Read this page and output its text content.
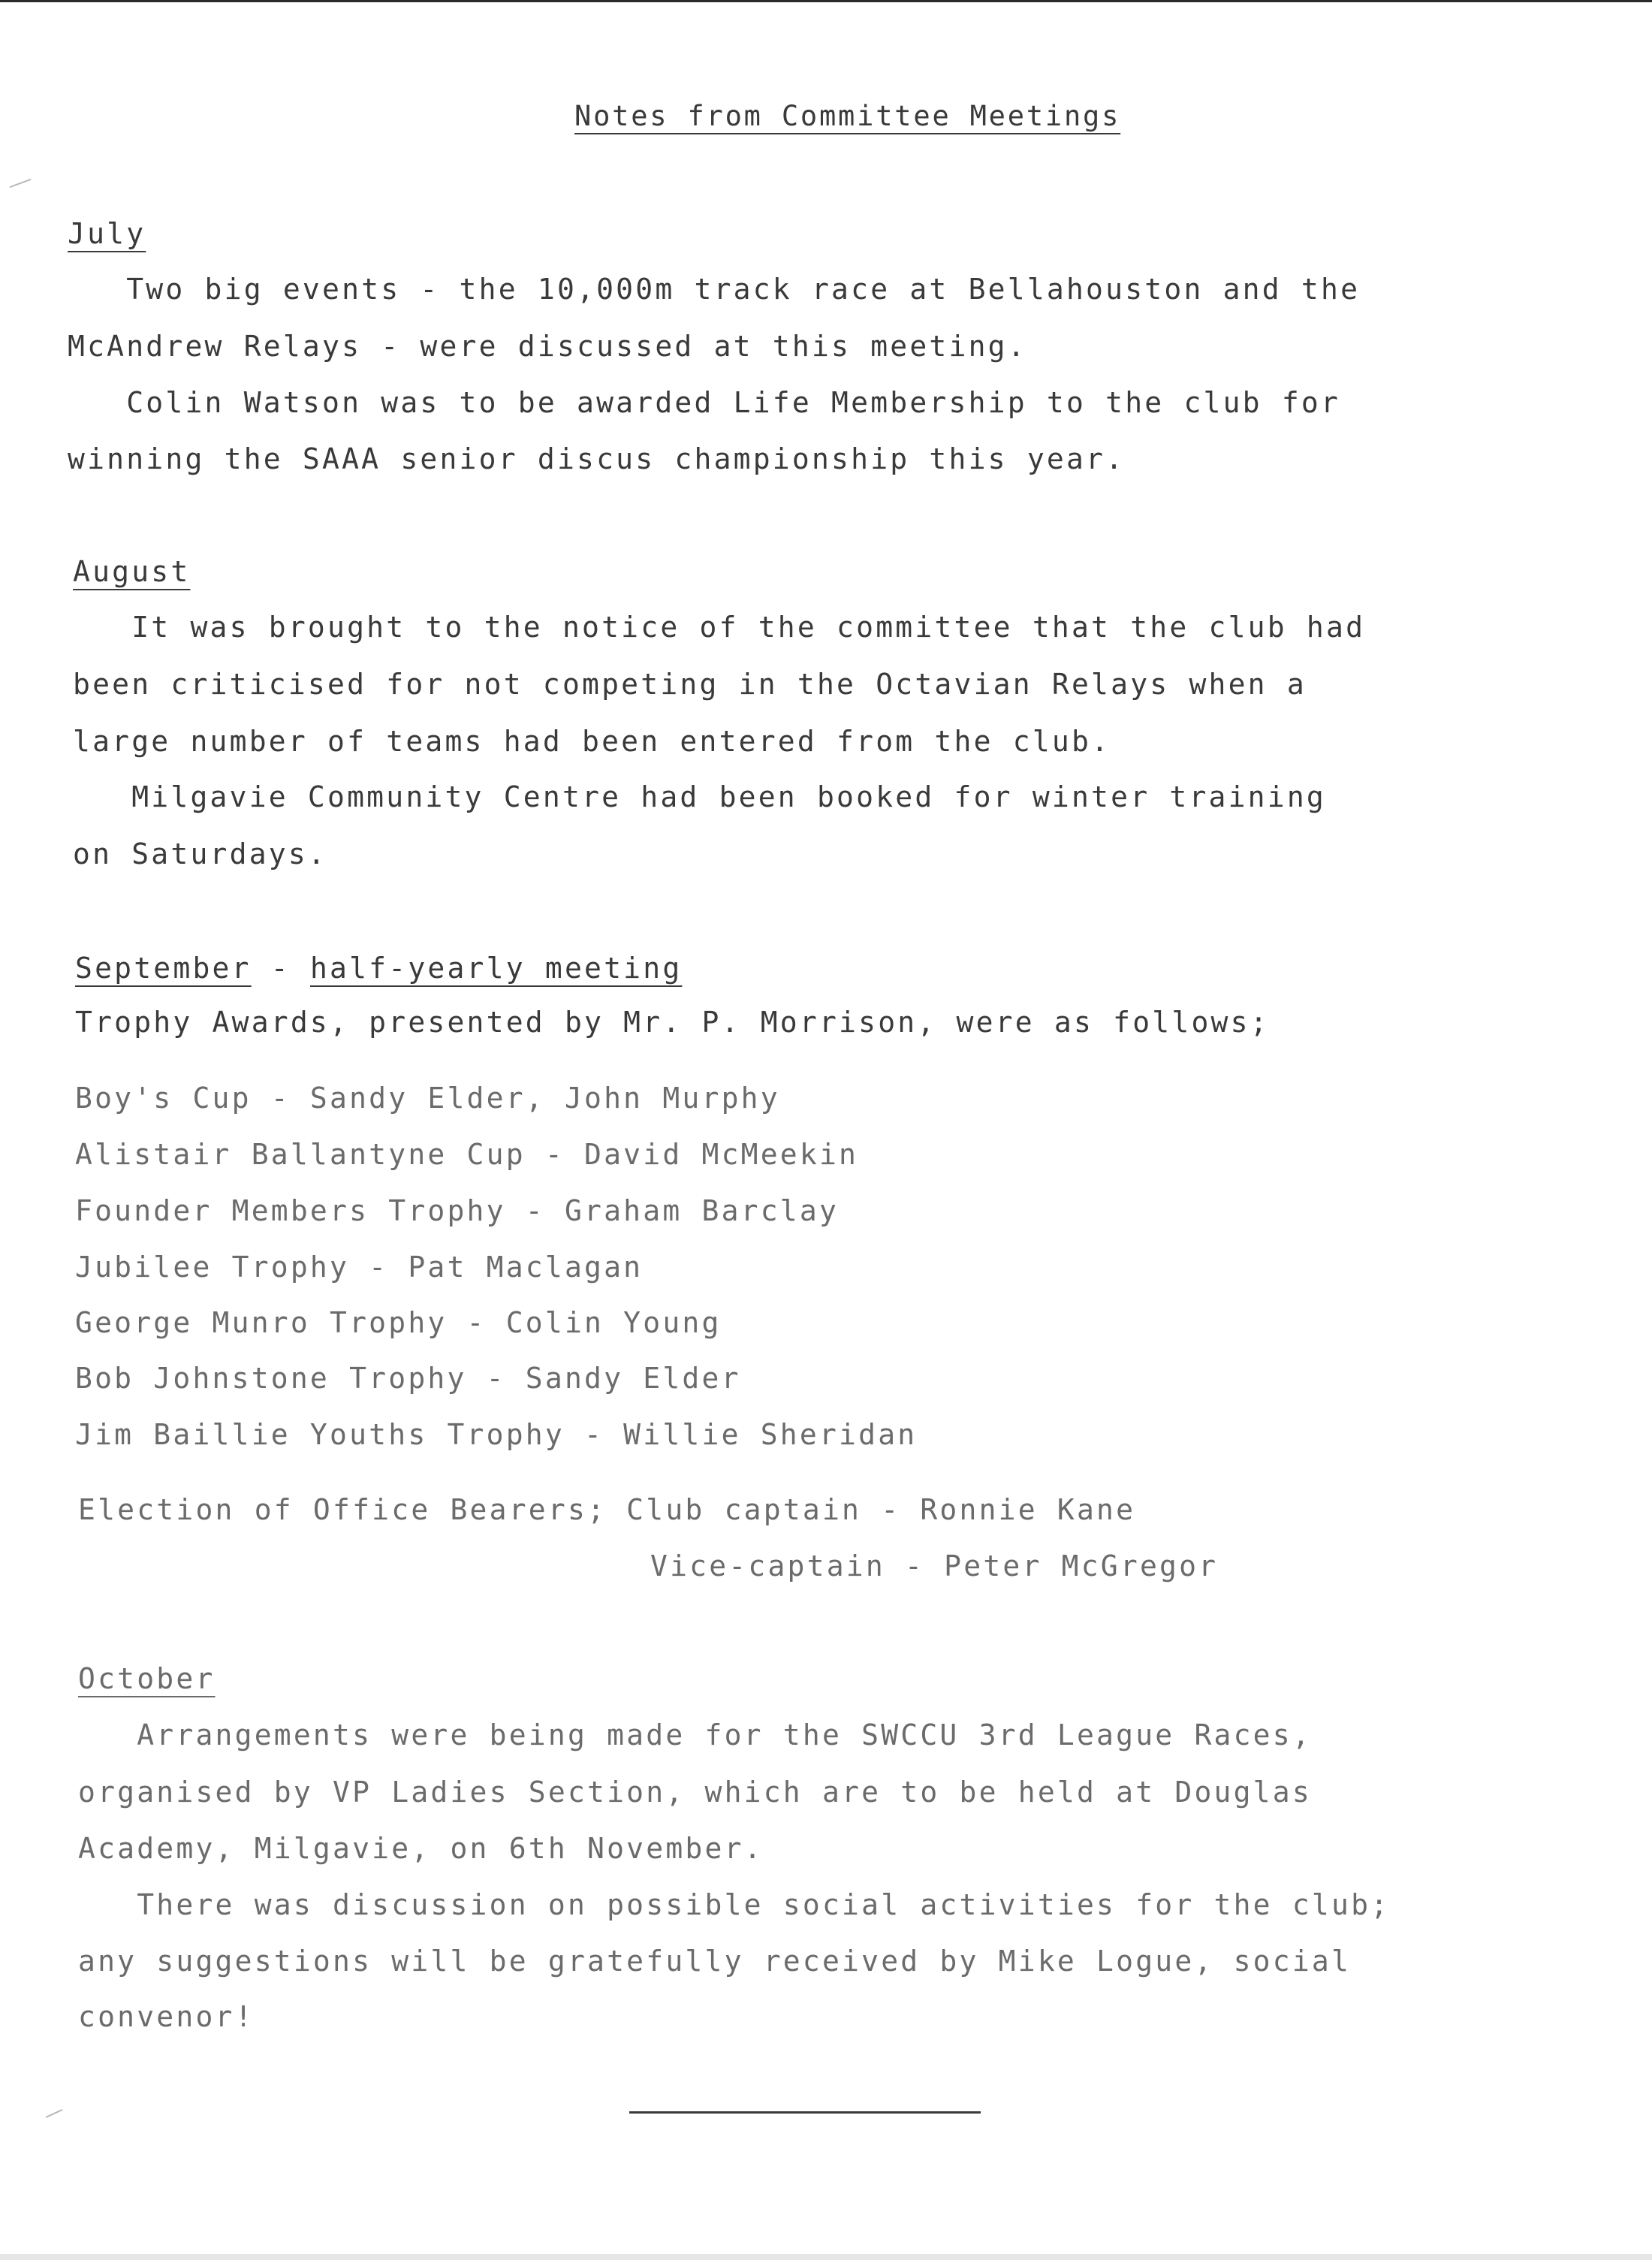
Notes from Committee Meetings

July

Two big events - the 10,000m track race at Bellahouston and the

McAndrew Relays - were discussed at this meeting.

Colin Watson was to be awarded Life Membership to the club for

winning the SAAA senior discus championship this year.

August

It was brought to the notice of the committee that the club had

been criticised for not competing in the Octavian Relays when a

large number of teams had been entered from the club.

Milgavie Community Centre had been booked for winter training

on Saturdays.

September - half-yearly meeting

Trophy Awards, presented by Mr. P. Morrison, were as follows;

Boy's Cup - Sandy Elder, John Murphy

Alistair Ballantyne Cup - David McMeekin

Founder Members Trophy - Graham Barclay

Jubilee Trophy - Pat Maclagan

George Munro Trophy - Colin Young

Bob Johnstone Trophy - Sandy Elder

Jim Baillie Youths Trophy - Willie Sheridan

Election of Office Bearers; Club captain - Ronnie Kane

Vice-captain - Peter McGregor

October

Arrangements were being made for the SWCCU 3rd League Races,

organised by VP Ladies Section, which are to be held at Douglas

Academy, Milgavie, on 6th November.

There was discussion on possible social activities for the club;

any suggestions will be gratefully received by Mike Logue, social

convenor!
